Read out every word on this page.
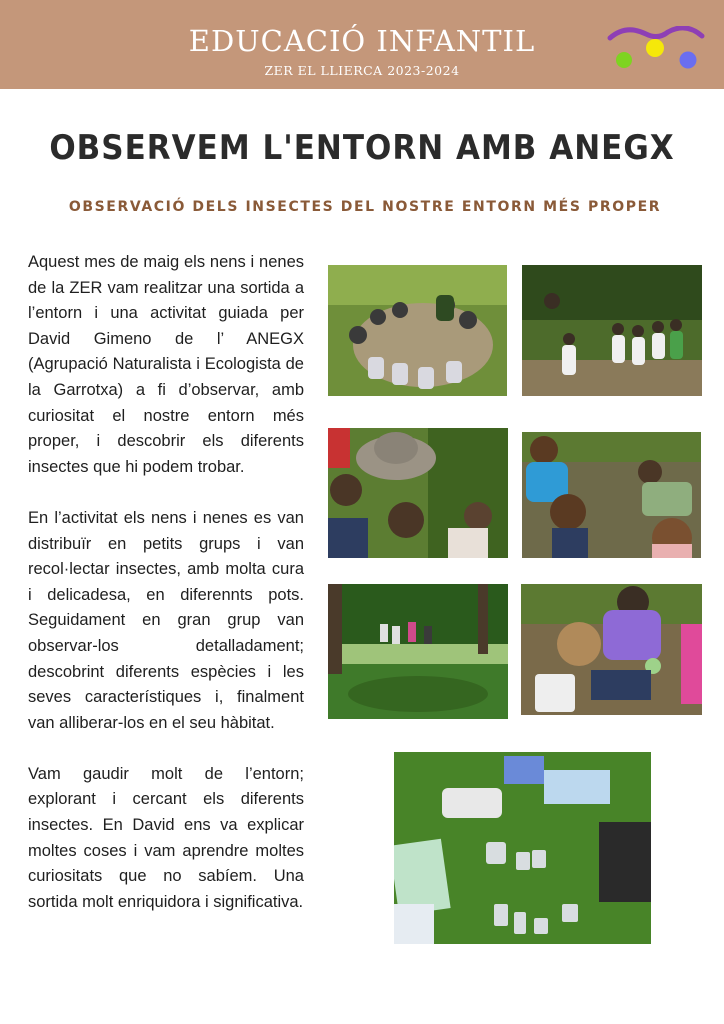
EDUCACIÓ INFANTIL
ZER EL LLIERCA 2023-2024
OBSERVEM L'ENTORN AMB ANEGX
OBSERVACIÓ DELS INSECTES DEL NOSTRE ENTORN MÉS PROPER

Aquest mes de maig els nens i nenes de la ZER vam realitzar una sortida a l’entorn i una activitat guiada per David Gimeno de l’ ANEGX (Agrupació Naturalista i Ecologista de la Garrotxa) a fi d’observar, amb curiositat el nostre entorn més proper, i descobrir els diferents insectes que hi podem trobar.

En l’activitat els nens i nenes es van distribuïr en petits grups i van recol·lectar insectes, amb molta cura i delicadesa, en diferennts pots. Seguidament en gran grup van observar-los detalladament; descobrint diferents espècies i les seves característiques i, finalment van alliberar-los en el seu hàbitat.

Vam gaudir molt de l’entorn; explorant i cercant els diferents insectes. En David ens va explicar moltes coses i vam aprendre moltes curiositats que no sabíem. Una sortida molt enriquidora i significativa.
